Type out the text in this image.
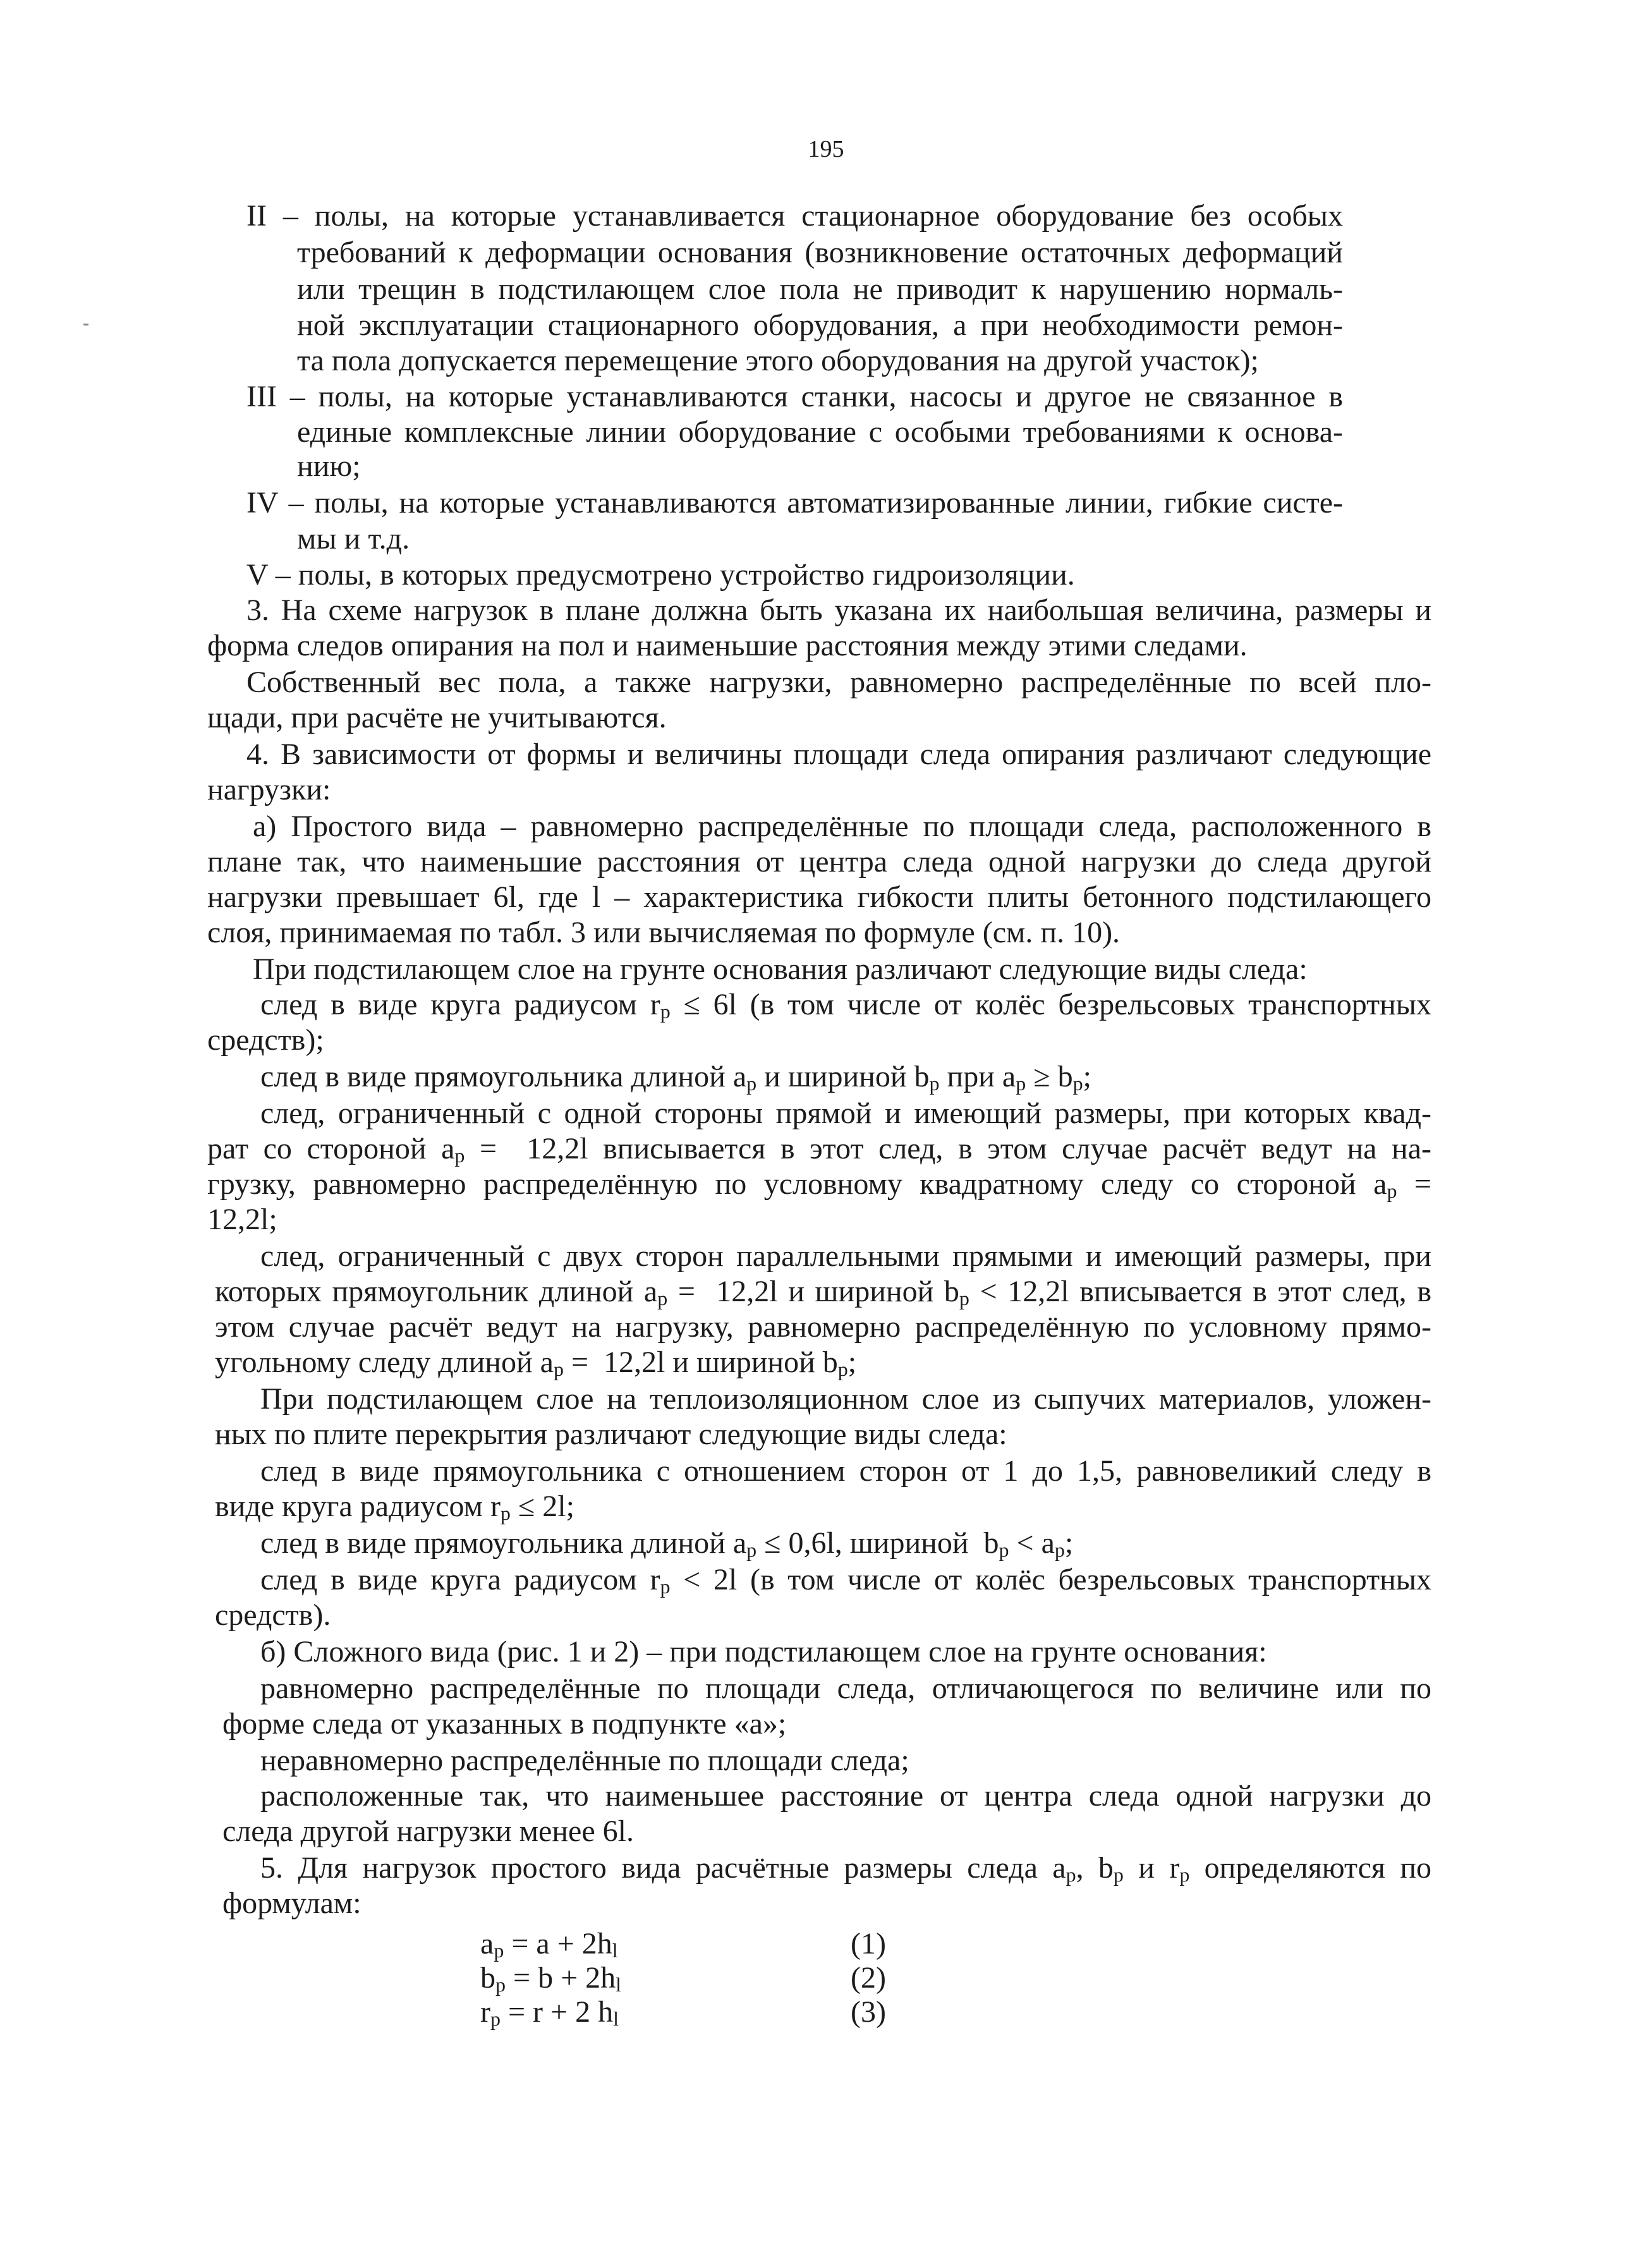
195
II – полы, на которые устанавливается стационарное оборудование без особых
требований к деформации основания (возникновение остаточных деформаций
или трещин в подстилающем слое пола не приводит к нарушению нормаль-
ной эксплуатации стационарного оборудования, а при необходимости ремон-
та пола допускается перемещение этого оборудования на другой участок);
III – полы, на которые устанавливаются станки, насосы и другое не связанное в
единые комплексные линии оборудование с особыми требованиями к основа-
нию;
IV – полы, на которые устанавливаются автоматизированные линии, гибкие систе-
мы и т.д.
V – полы, в которых предусмотрено устройство гидроизоляции.
3. На схеме нагрузок в плане должна быть указана их наибольшая величина, размеры и
форма следов опирания на пол и наименьшие расстояния между этими следами.
Собственный вес пола, а также нагрузки, равномерно распределённые по всей пло-
щади, при расчёте не учитываются.
4. В зависимости от формы и величины площади следа опирания различают следующие
нагрузки:
а) Простого вида – равномерно распределённые по площади следа, расположенного в
плане так, что наименьшие расстояния от центра следа одной нагрузки до следа другой
нагрузки превышает 6l, где l – характеристика гибкости плиты бетонного подстилающего
слоя, принимаемая по табл. 3 или вычисляемая по формуле (см. п. 10).
При подстилающем слое на грунте основания различают следующие виды следа:
след в виде круга радиусом $r_р \le 6l$ (в том числе от колёс безрельсовых транспортных
средств);
след в виде прямоугольника длиной $a_р$ и шириной $b_р$ при $a_р \ge b_р$;
след, ограниченный с одной стороны прямой и имеющий размеры, при которых квад-
рат со стороной $a_р = 12,2l$ вписывается в этот след, в этом случае расчёт ведут на на-
грузку, равномерно распределённую по условному квадратному следу со стороной $a_р$ =
12,2l;
след, ограниченный с двух сторон параллельными прямыми и имеющий размеры, при
которых прямоугольник длиной $a_р = 12,2l$ и шириной $b_р < 12,2l$ вписывается в этот след, в
этом случае расчёт ведут на нагрузку, равномерно распределённую по условному прямо-
угольному следу длиной $a_р = 12,2l$ и шириной $b_р$;
При подстилающем слое на теплоизоляционном слое из сыпучих материалов, уложен-
ных по плите перекрытия различают следующие виды следа:
след в виде прямоугольника с отношением сторон от 1 до 1,5, равновеликий следу в
виде круга радиусом $r_р \le 2l$;
след в виде прямоугольника длиной $a_р \le 0,6l$, шириной  $b_р < a_р$;
след в виде круга радиусом $r_р < 2l$ (в том числе от колёс безрельсовых транспортных
средств).
б) Сложного вида (рис. 1 и 2) – при подстилающем слое на грунте основания:
равномерно распределённые по площади следа, отличающегося по величине или по
форме следа от указанных в подпункте «а»;
неравномерно распределённые по площади следа;
расположенные так, что наименьшее расстояние от центра следа одной нагрузки до
следа другой нагрузки менее 6l.
5. Для нагрузок простого вида расчётные размеры следа $a_р$, $b_р$ и $r_р$ определяются по
формулам:
$a_р = a + 2h_l$	(1)
$b_р = b + 2h_l$	(2)
$r_р = r + 2$ $h_l$	(3)
